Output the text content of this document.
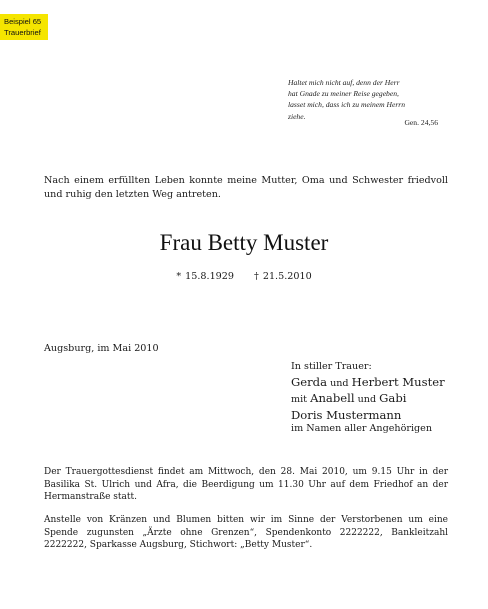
Beispiel 65
Trauerbrief
Haltet mich nicht auf, denn der Herr
hat Gnade zu meiner Reise gegeben,
lasset mich, dass ich zu meinem Herrn
ziehe.
Gen. 24,56
Nach einem erfüllten Leben konnte meine Mutter, Oma und Schwester friedvoll und ruhig den letzten Weg antreten.
Frau Betty Muster
* 15.8.1929 † 21.5.2010
Augsburg, im Mai 2010
In stiller Trauer:
Gerda und Herbert Muster
mit Anabell und Gabi
Doris Mustermann
im Namen aller Angehörigen
Der Trauergottesdienst findet am Mittwoch, den 28. Mai 2010, um 9.15 Uhr in der Basilika St. Ulrich und Afra, die Beerdigung um 11.30 Uhr auf dem Friedhof an der Hermanstraße statt.
Anstelle von Kränzen und Blumen bitten wir im Sinne der Verstorbenen um eine Spende zugunsten „Ärzte ohne Grenzen“, Spendenkonto 2222222, Bankleitzahl 2222222, Sparkasse Augsburg, Stichwort: „Betty Muster“.
